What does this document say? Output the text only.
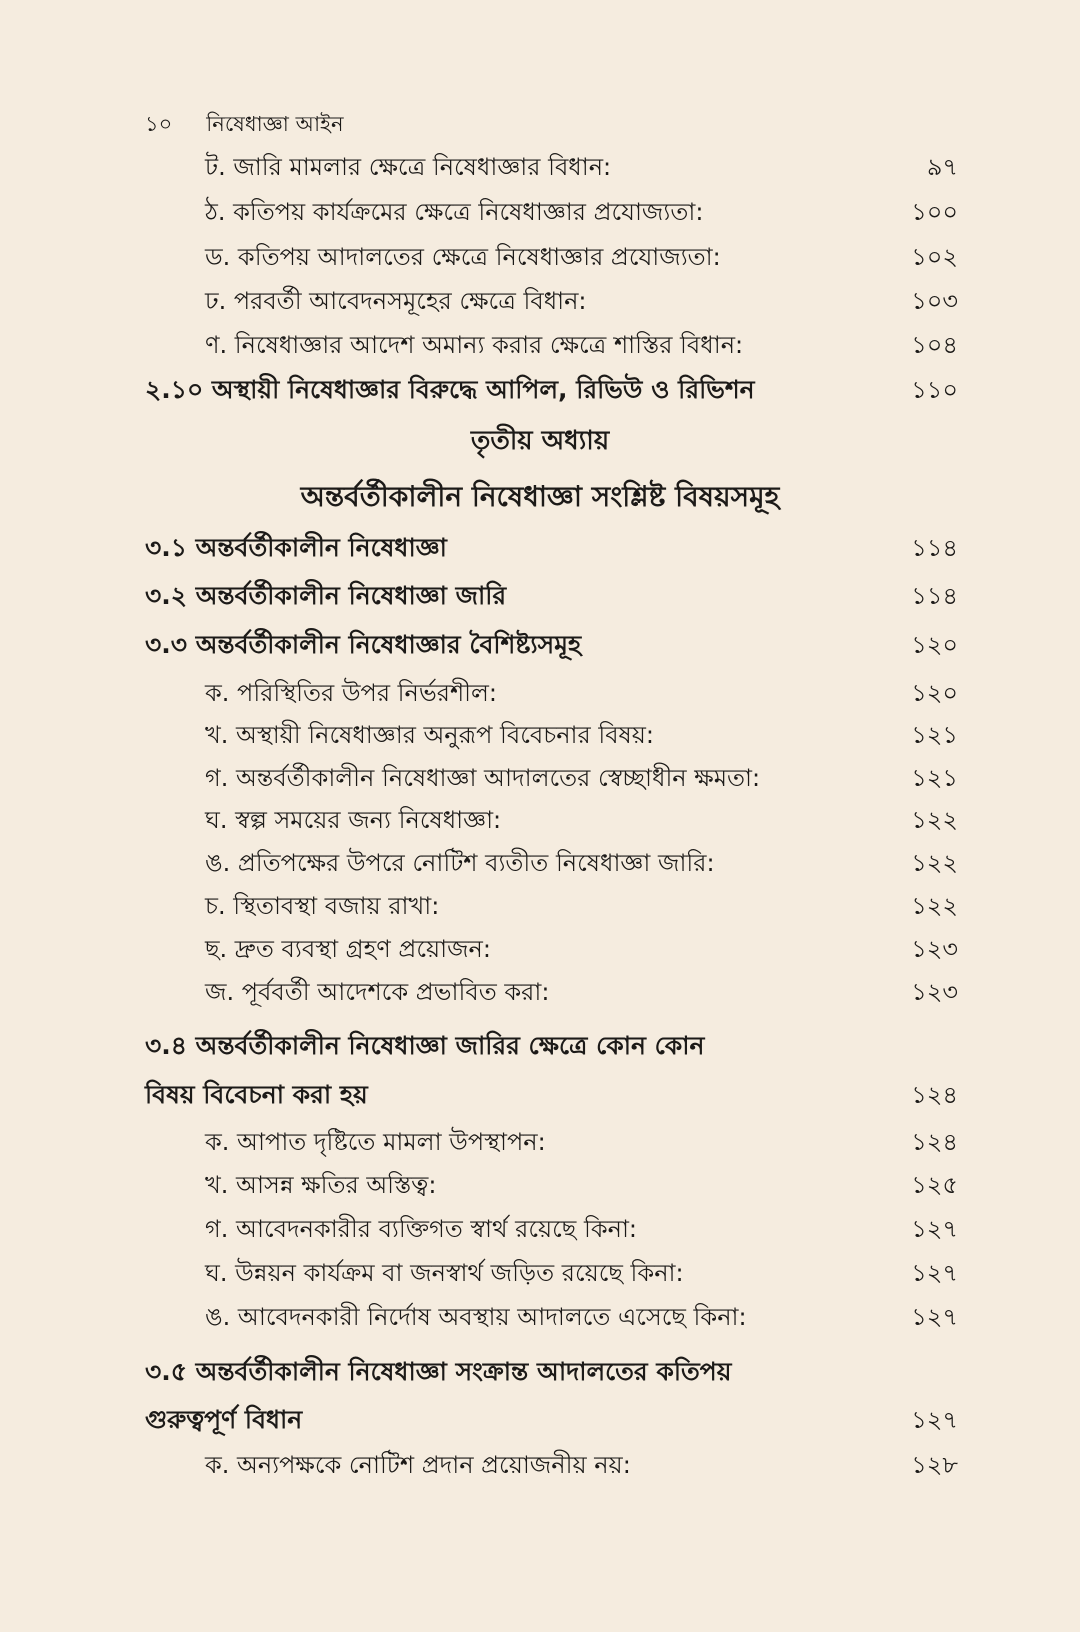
১০ নিষেধাজ্ঞা আইন
ট. জারি মামলার ক্ষেত্রে নিষেধাজ্ঞার বিধান:	৯৭
ঠ. কতিপয় কার্যক্রমের ক্ষেত্রে নিষেধাজ্ঞার প্রযোজ্যতা:	১০০
ড. কতিপয় আদালতের ক্ষেত্রে নিষেধাজ্ঞার প্রযোজ্যতা:	১০২
ঢ. পরবর্তী আবেদনসমূহের ক্ষেত্রে বিধান:	১০৩
ণ. নিষেধাজ্ঞার আদেশ অমান্য করার ক্ষেত্রে শাস্তির বিধান:	১০৪
২.১০ অস্থায়ী নিষেধাজ্ঞার বিরুদ্ধে আপিল, রিভিউ ও রিভিশন	১১০
তৃতীয় অধ্যায়
অন্তর্বর্তীকালীন নিষেধাজ্ঞা সংশ্লিষ্ট বিষয়সমূহ
৩.১ অন্তর্বর্তীকালীন নিষেধাজ্ঞা	১১৪
৩.২ অন্তর্বর্তীকালীন নিষেধাজ্ঞা জারি	১১৪
৩.৩ অন্তর্বর্তীকালীন নিষেধাজ্ঞার বৈশিষ্ট্যসমূহ	১২০
ক. পরিস্থিতির উপর নির্ভরশীল:	১২০
খ. অস্থায়ী নিষেধাজ্ঞার অনুরূপ বিবেচনার বিষয়:	১২১
গ. অন্তর্বর্তীকালীন নিষেধাজ্ঞা আদালতের স্বেচ্ছাধীন ক্ষমতা:	১২১
ঘ. স্বল্প সময়ের জন্য নিষেধাজ্ঞা:	১২২
ঙ. প্রতিপক্ষের উপরে নোটিশ ব্যতীত নিষেধাজ্ঞা জারি:	১২২
চ. স্থিতাবস্থা বজায় রাখা:	১২২
ছ. দ্রুত ব্যবস্থা গ্রহণ প্রয়োজন:	১২৩
জ. পূর্ববর্তী আদেশকে প্রভাবিত করা:	১২৩
৩.৪ অন্তর্বর্তীকালীন নিষেধাজ্ঞা জারির ক্ষেত্রে কোন কোন
বিষয় বিবেচনা করা হয়	১২৪
ক. আপাত দৃষ্টিতে মামলা উপস্থাপন:	১২৪
খ. আসন্ন ক্ষতির অস্তিত্ব:	১২৫
গ. আবেদনকারীর ব্যক্তিগত স্বার্থ রয়েছে কিনা:	১২৭
ঘ. উন্নয়ন কার্যক্রম বা জনস্বার্থ জড়িত রয়েছে কিনা:	১২৭
ঙ. আবেদনকারী নির্দোষ অবস্থায় আদালতে এসেছে কিনা:	১২৭
৩.৫ অন্তর্বর্তীকালীন নিষেধাজ্ঞা সংক্রান্ত আদালতের কতিপয়
গুরুত্বপূর্ণ বিধান	১২৭
ক. অন্যপক্ষকে নোটিশ প্রদান প্রয়োজনীয় নয়:	১২৮
